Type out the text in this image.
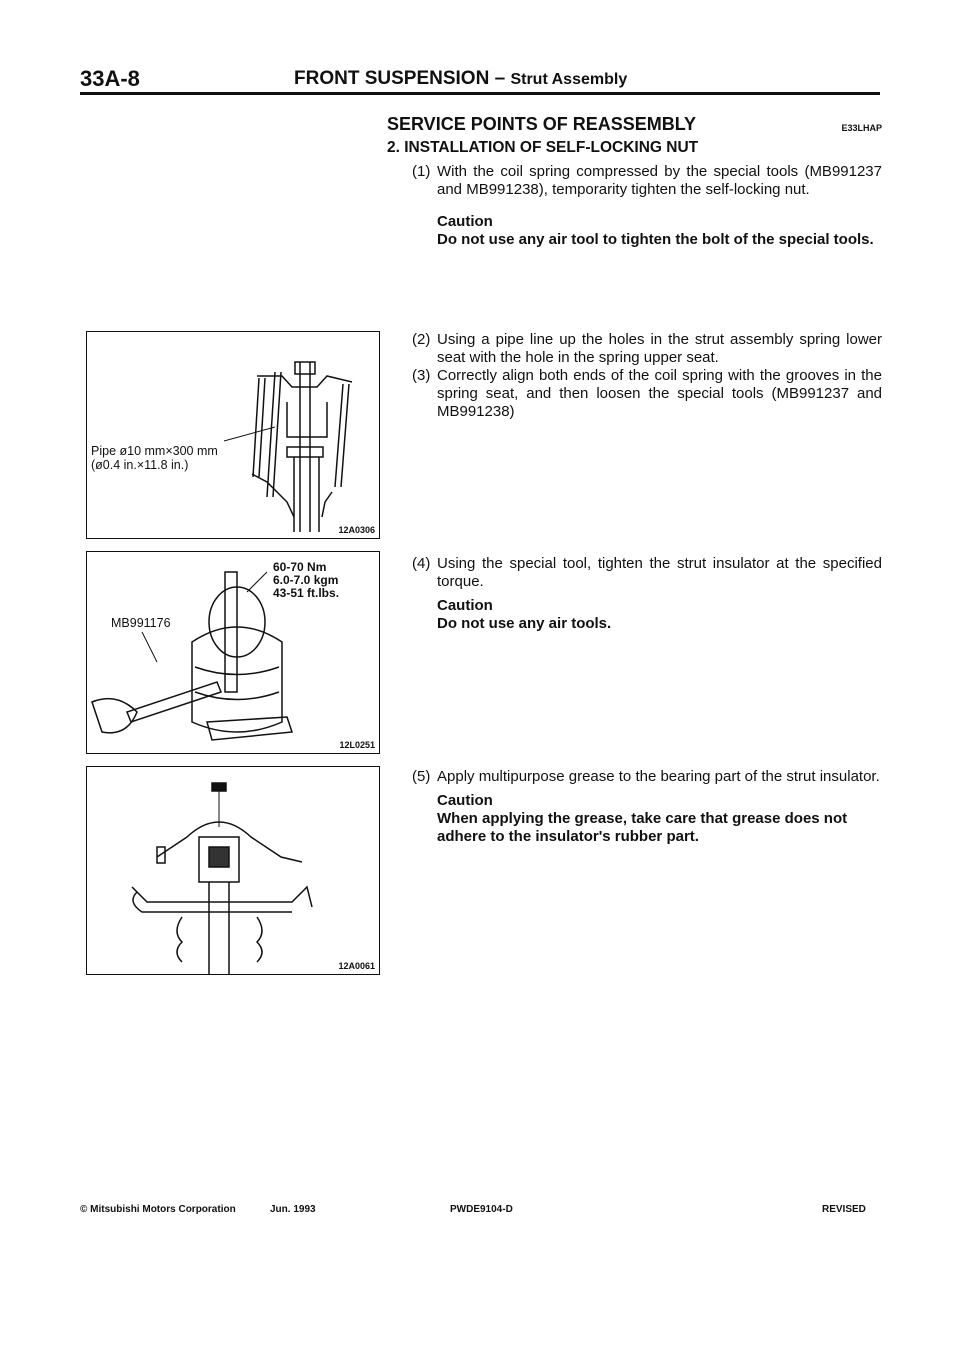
33A-8	FRONT SUSPENSION – Strut Assembly
SERVICE POINTS OF REASSEMBLY	E33LHAP
2. INSTALLATION OF SELF-LOCKING NUT
(1) With the coil spring compressed by the special tools (MB991237 and MB991238), temporarity tighten the self-locking nut.
Caution
Do not use any air tool to tighten the bolt of the special tools.
(2) Using a pipe line up the holes in the strut assembly spring lower seat with the hole in the spring upper seat.
(3) Correctly align both ends of the coil spring with the grooves in the spring seat, and then loosen the special tools (MB991237 and MB991238)
(4) Using the special tool, tighten the strut insulator at the specified torque.
Caution
Do not use any air tools.
(5) Apply multipurpose grease to the bearing part of the strut insulator.
Caution
When applying the grease, take care that grease does not adhere to the insulator's rubber part.
Pipe ø10 mm×300 mm
(ø0.4 in.×11.8 in.)
12A0306
MB991176
60-70 Nm
6.0-7.0 kgm
43-51 ft.lbs.
12L0251
12A0061
© Mitsubishi Motors Corporation	Jun. 1993	PWDE9104-D	REVISED
